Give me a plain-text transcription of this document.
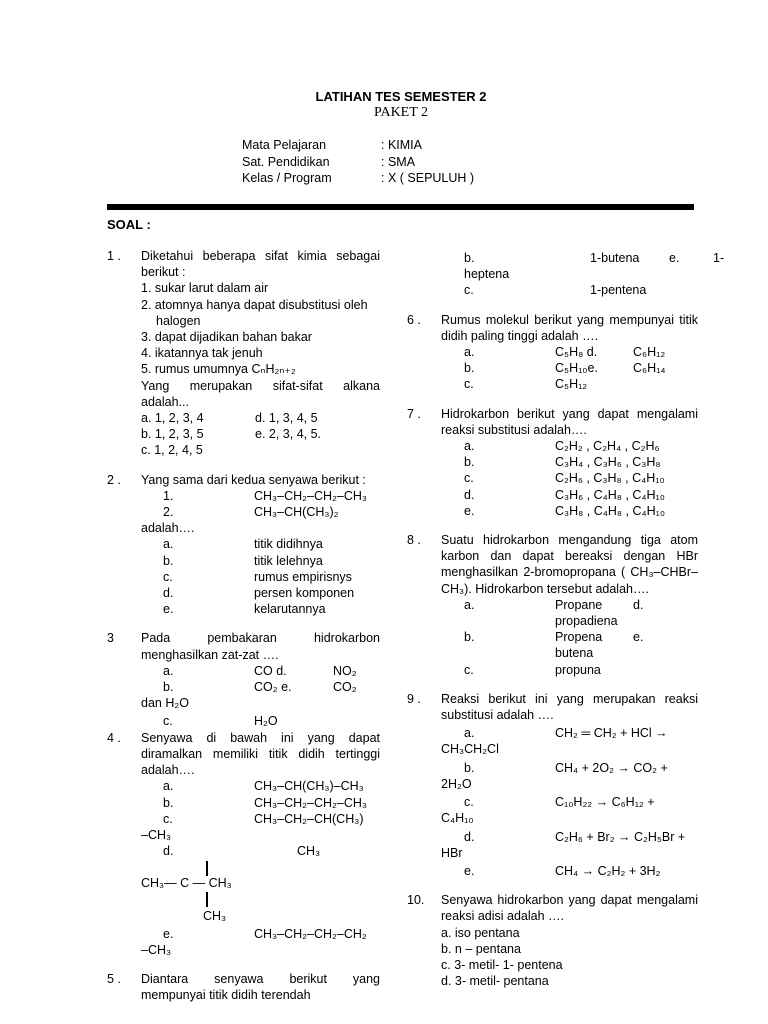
LATIHAN TES SEMESTER 2
PAKET 2
Mata Pelajaran	: KIMIA
Sat. Pendidikan	: SMA
Kelas / Program	: X ( SEPULUH )
SOAL :
1 . Diketahui beberapa sifat kimia sebagai berikut :
1. sukar larut dalam air
2. atomnya hanya dapat disubstitusi oleh halogen
3. dapat dijadikan bahan bakar
4. ikatannya tak jenuh
5. rumus umumnya CₙH₂ₙ₊₂
Yang merupakan sifat-sifat alkana adalah...
a. 1, 2, 3, 4	d. 1, 3, 4, 5
b. 1, 2, 3, 5	e. 2, 3, 4, 5.
c. 1, 2, 4, 5
2 . Yang sama dari kedua senyawa berikut :
1.	CH₃–CH₂–CH₂–CH₃
2.	CH₃–CH(CH₃)₂
adalah….
a.	titik didihnya
b.	titik lelehnya
c.	rumus empirisnys
d.	persen komponen
e.	kelarutannya
3 Pada pembakaran hidrokarbon menghasilkan zat-zat ….
a.	CO d.	NO₂
b.	CO₂ e.	CO₂
dan H₂O
c.	H₂O
4 . Senyawa di bawah ini yang dapat diramalkan memiliki titik didih tertinggi adalah….
a.	CH₃–CH(CH₃)–CH₃
b.	CH₃–CH₂–CH₂–CH₃
c.	CH₃–CH₂–CH(CH₃)
–CH₃
d.	CH₃
CH₃— C — CH₃
CH₃
e.	CH₃–CH₂–CH₂–CH₂
–CH₃
5 . Diantara senyawa berikut yang mempunyai titik didih terendah
b.	1-butena e.	1-
heptena
c.	1-pentena
6 . Rumus molekul berikut yang mempunyai titik didih paling tinggi adalah ….
a.	C₅H₈ d.	C₆H₁₂
b.	C₅H₁₀e.	C₆H₁₄
c.	C₅H₁₂
7 . Hidrokarbon berikut yang dapat mengalami reaksi substitusi adalah….
a.	C₂H₂ , C₂H₄ , C₂H₆
b.	C₃H₄ , C₃H₆ , C₃H₈
c.	C₂H₆ , C₃H₈ , C₄H₁₀
d.	C₃H₆ , C₄H₈ , C₄H₁₀
e.	C₃H₈ , C₄H₈ , C₄H₁₀
8 . Suatu hidrokarbon mengandung tiga atom karbon dan dapat bereaksi dengan HBr menghasilkan 2-bromopropana ( CH₃–CHBr–CH₃). Hidrokarbon tersebut adalah….
a.	Propane d.
propadiena
b.	Propena e.
butena
c.	propuna
9 . Reaksi berikut ini yang merupakan reaksi substitusi adalah ….
a.	CH₂ ═ CH₂ + HCl →
CH₃CH₂Cl
b.	CH₄ + 2O₂ → CO₂ +
2H₂O
c.	C₁₀H₂₂ → C₆H₁₂ +
C₄H₁₀
d.	C₂H₆ + Br₂ → C₂H₅Br +
HBr
e.	CH₄ → C₂H₂ + 3H₂
10. Senyawa hidrokarbon yang dapat mengalami reaksi adisi adalah ….
a. iso pentana
b. n – pentana
c. 3- metil- 1- pentena
d. 3- metil- pentana
